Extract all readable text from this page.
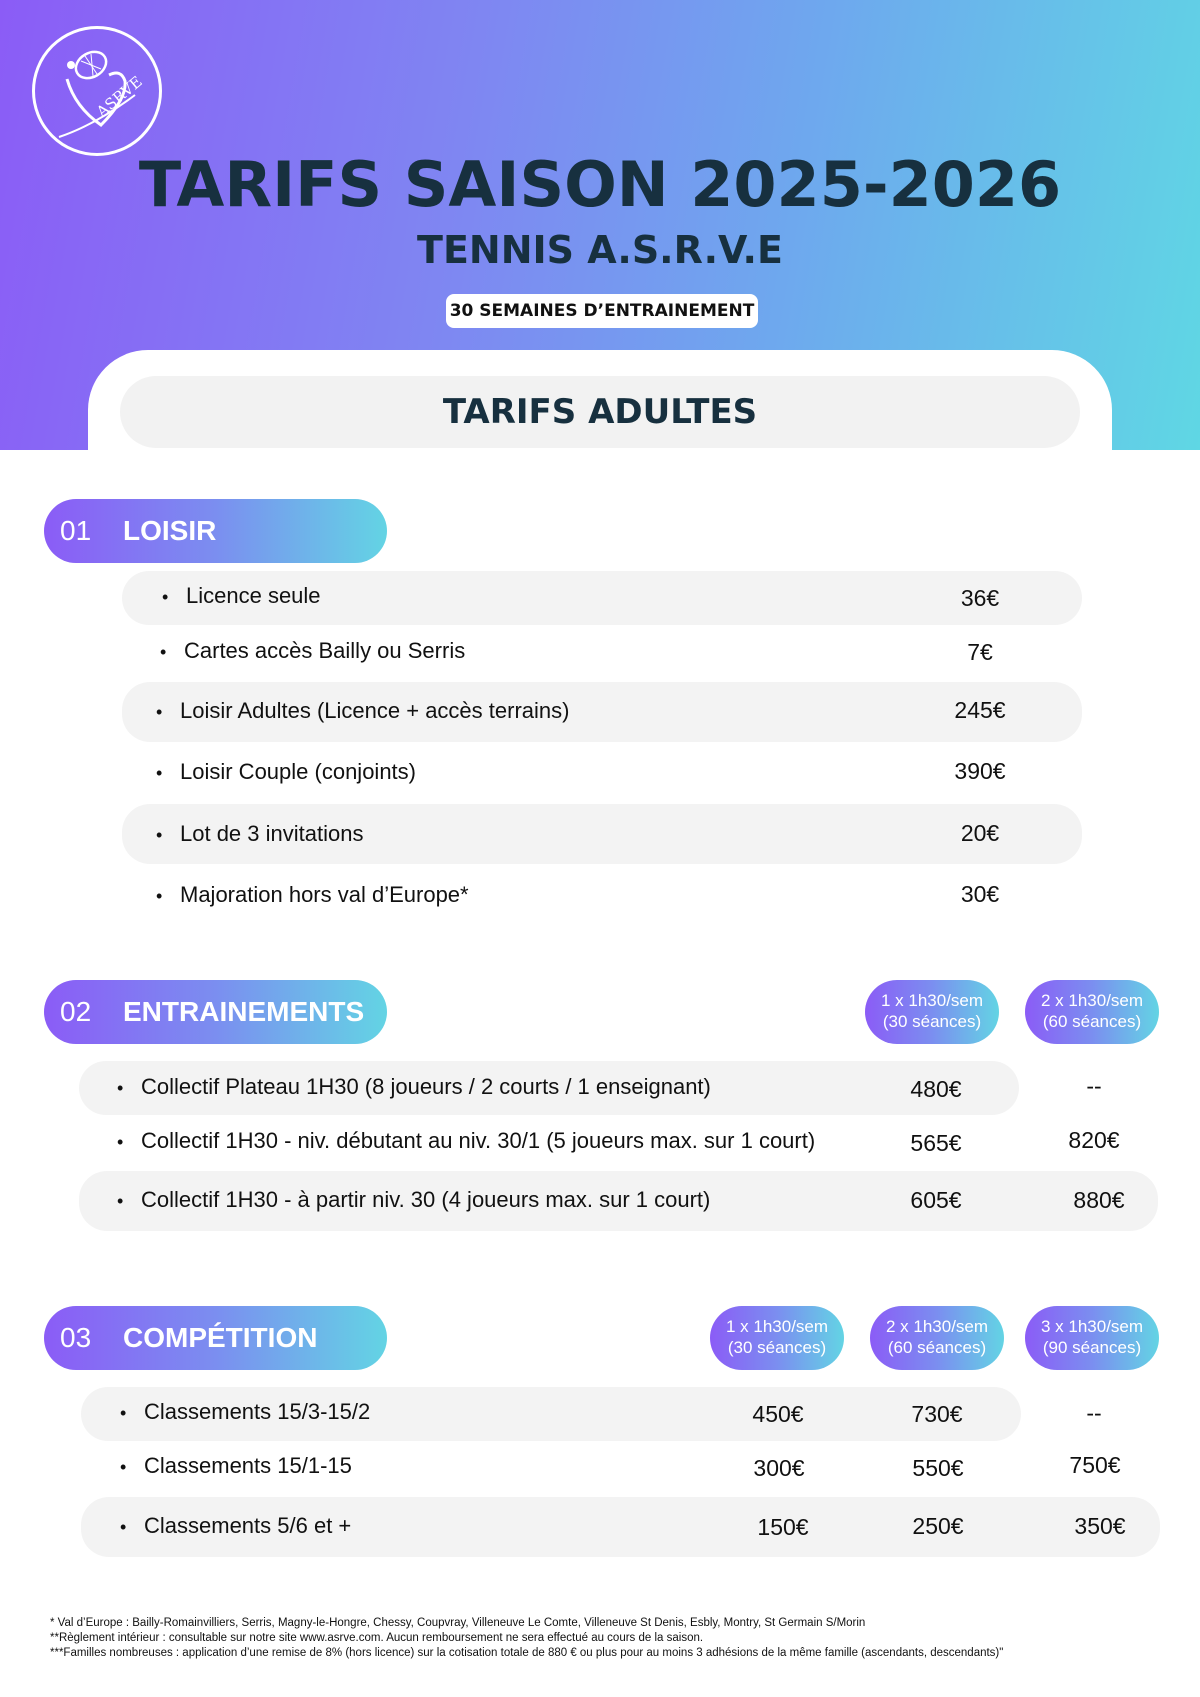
ASRVE
TARIFS SAISON 2025-2026
TENNIS A.S.R.V.E
30 SEMAINES D’ENTRAINEMENT
TARIFS ADULTES
01 LOISIR
• Licence seule	36€
• Cartes accès Bailly ou Serris	7€
• Loisir Adultes (Licence + accès terrains)	245€
• Loisir Couple (conjoints)	390€
• Lot de 3 invitations	20€
• Majoration hors val d’Europe*	30€
02 ENTRAINEMENTS	1 x 1h30/sem
(30 séances)
2 x 1h30/sem
(60 séances)
• Collectif Plateau 1H30 (8 joueurs / 2 courts / 1 enseignant)	480€	--
• Collectif 1H30 - niv. débutant au niv. 30/1 (5 joueurs max. sur 1 court)	565€	820€
• Collectif 1H30 - à partir niv. 30 (4 joueurs max. sur 1 court)	605€	880€
03 COMPÉTITION	1 x 1h30/sem
(30 séances)
2 x 1h30/sem
(60 séances)
3 x 1h30/sem
(90 séances)
• Classements 15/3-15/2	450€	730€	--
• Classements 15/1-15	300€	550€	750€
• Classements 5/6 et +	150€	250€	350€
* Val d’Europe : Bailly-Romainvilliers, Serris, Magny-le-Hongre, Chessy, Coupvray, Villeneuve Le Comte, Villeneuve St Denis, Esbly, Montry, St Germain S/Morin
**Règlement intérieur : consultable sur notre site www.asrve.com. Aucun remboursement ne sera effectué au cours de la saison.
***Familles nombreuses : application d’une remise de 8% (hors licence) sur la cotisation totale de 880 € ou plus pour au moins 3 adhésions de la même famille (ascendants, descendants)"
